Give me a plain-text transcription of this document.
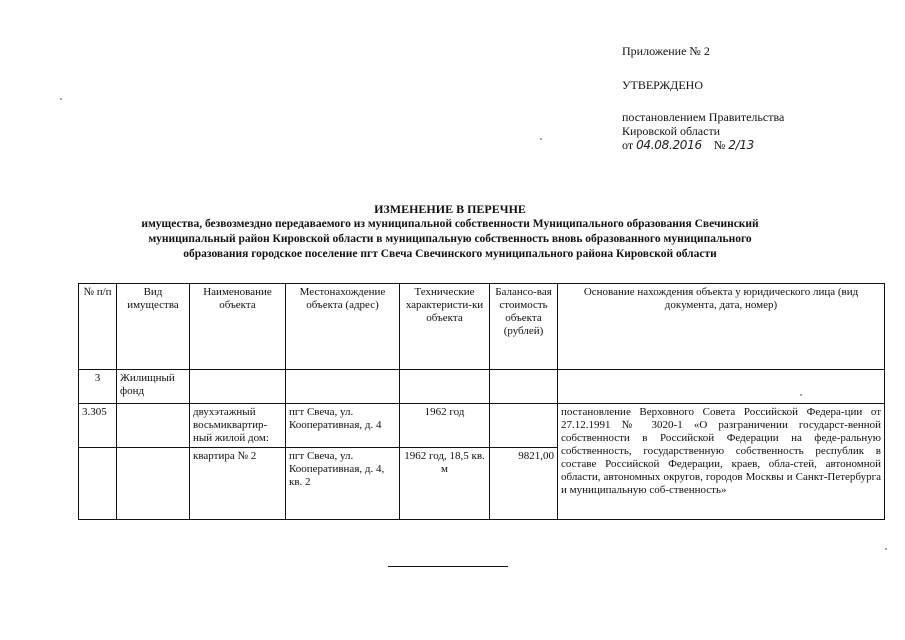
Приложение № 2
УТВЕРЖДЕНО
постановлением Правительства
Кировской области
от 04.08.2016 № 2/13
ИЗМЕНЕНИЕ В ПЕРЕЧНЕ
имущества, безвозмездно передаваемого из муниципальной собственности Муниципального образования Свечинский
муниципальный район Кировской области в муниципальную собственность вновь образованного муниципального
образования городское поселение пгт Свеча Свечинского муниципального района Кировской области
№ п/п	Вид имущества	Наименование объекта	Местонахождение объекта (адрес)	Технические характеристи-ки объекта	Балансо-вая стоимость объекта (рублей)	Основание нахождения объекта у юридического лица (вид документа, дата, номер)
3	Жилищный фонд					
3.305		двухэтажный восьмиквартир-ный жилой дом:	пгт Свеча, ул. Кооперативная, д. 4	1962 год		постановление Верховного Совета Российской Федера-ции от 27.12.1991 № 3020-1 «О разграничении государст-венной собственности в Российской Федерации на феде-ральную собственность, государственную собственность республик в составе Российской Федерации, краев, обла-стей, автономной области, автономных округов, городов Москвы и Санкт-Петербурга и муниципальную соб-ственность»
		квартира № 2	пгт Свеча, ул. Кооперативная, д. 4, кв. 2	1962 год, 18,5 кв. м	9821,00	
